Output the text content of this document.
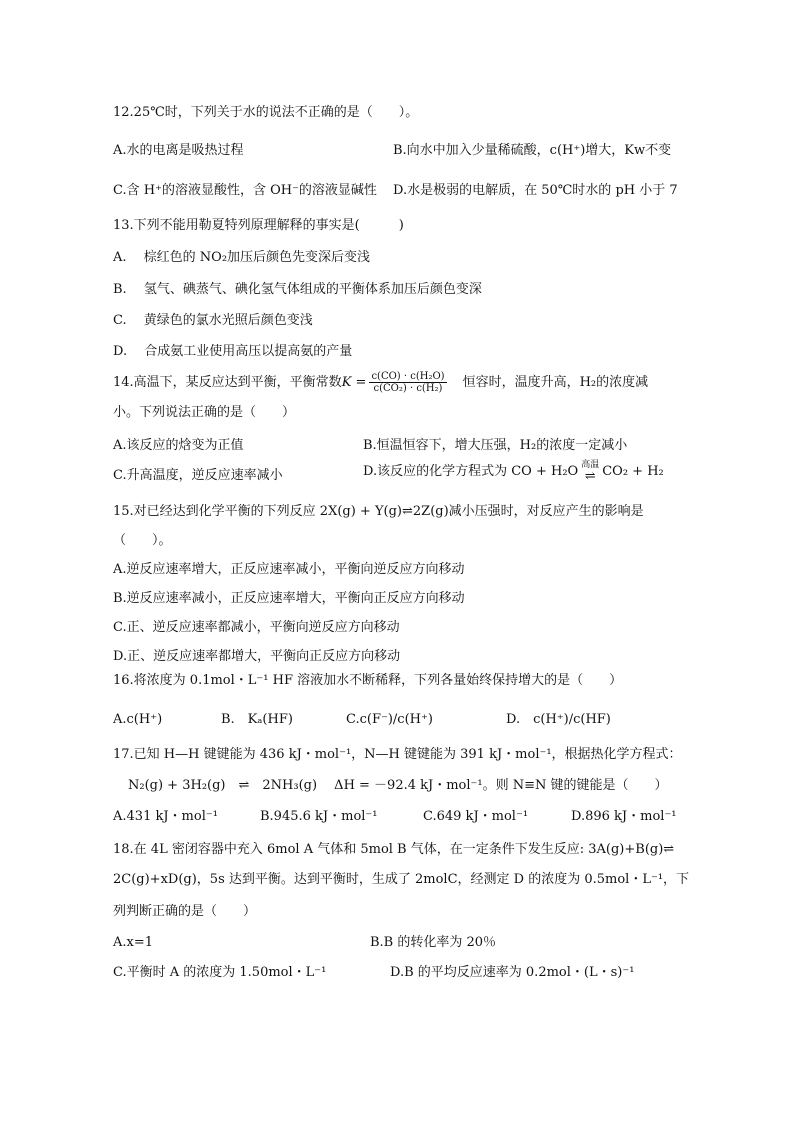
12.25℃时，下列关于水的说法不正确的是（　　）。
A.水的电离是吸热过程	B.向水中加入少量稀硫酸，c(H⁺)增大，Kw不变
C.含 H⁺的溶液显酸性，含 OH⁻的溶液显碱性 D.水是极弱的电解质，在 50℃时水的 pH 小于 7
13.下列不能用勒夏特列原理解释的事实是(　　　)
A.　 棕红色的 NO₂加压后颜色先变深后变浅
B.　 氢气、碘蒸气、碘化氢气体组成的平衡体系加压后颜色变深
C.　 黄绿色的氯水光照后颜色变浅
D.　 合成氨工业使用高压以提高氨的产量
14.高温下，某反应达到平衡，平衡常数$K = \frac{\text{c(CO) · c(H₂O)}}{\text{c(CO₂) · c(H₂)}}$ 　恒容时，温度升高，H₂的浓度减
小。下列说法正确的是（　　）
A.该反应的焓变为正值	B.恒温恒容下，增大压强，H₂的浓度一定减小
C.升高温度，逆反应速率减小	D.该反应的化学方程式为 CO + H₂O 高温
⇌ CO₂ + H₂
15.对已经达到化学平衡的下列反应 2X(g) + Y(g)⇌2Z(g)减小压强时，对反应产生的影响是
（　　）。
A.逆反应速率增大，正反应速率减小，平衡向逆反应方向移动
B.逆反应速率减小，正反应速率增大，平衡向正反应方向移动
C.正、逆反应速率都减小，平衡向逆反应方向移动
D.正、逆反应速率都增大，平衡向正反应方向移动
16.将浓度为 0.1mol・L⁻¹ HF 溶液加水不断稀释，下列各量始终保持增大的是（　　）
A.c(H⁺)	B.　Kₐ(HF)	C.c(F⁻)/c(H⁺)	D.　c(H⁺)/c(HF)
17.已知 H—H 键键能为 436 kJ・mol⁻¹，N—H 键键能为 391 kJ・mol⁻¹，根据热化学方程式：
N₂(g) + 3H₂(g)　⇌　2NH₃(g)　 ΔH = －92.4 kJ・mol⁻¹。则 N≡N 键的键能是（　　）
A.431 kJ・mol⁻¹	B.945.6 kJ・mol⁻¹	C.649 kJ・mol⁻¹	D.896 kJ・mol⁻¹
18.在 4L 密闭容器中充入 6mol A 气体和 5mol B 气体，在一定条件下发生反应: 3A(g)+B(g)⇌
2C(g)+xD(g)，5s 达到平衡。达到平衡时，生成了 2molC，经测定 D 的浓度为 0.5mol・L⁻¹，下
列判断正确的是（　　）
A.x=1	B.B 的转化率为 20％
C.平衡时 A 的浓度为 1.50mol・L⁻¹	D.B 的平均反应速率为 0.2mol・(L・s)⁻¹
